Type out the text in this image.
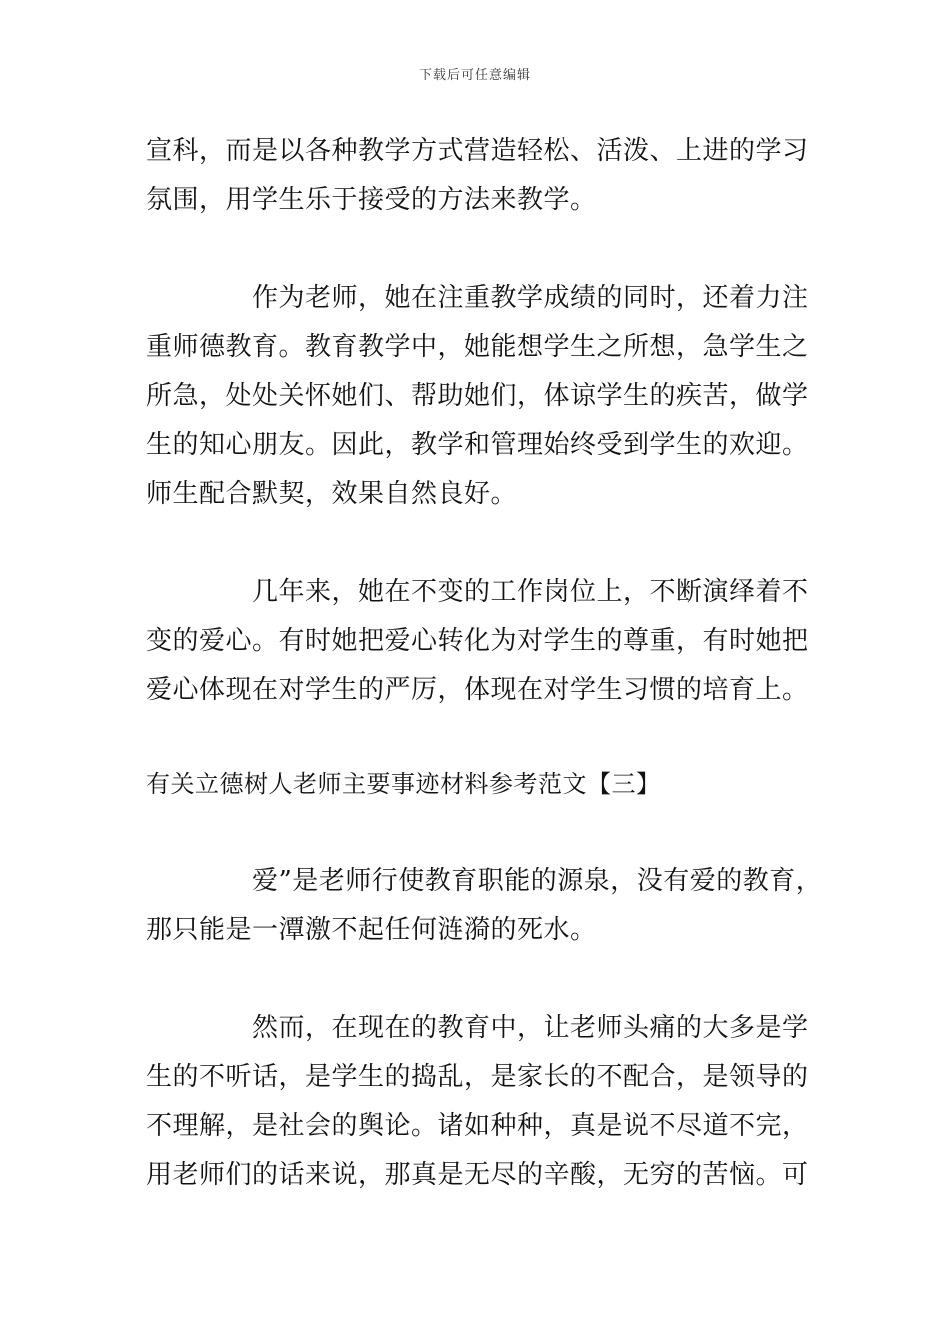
下载后可任意编辑
宣科，而是以各种教学方式营造轻松、活泼、上进的学习
氛围，用学生乐于接受的方法来教学。
作为老师，她在注重教学成绩的同时，还着力注
重师德教育。教育教学中，她能想学生之所想，急学生之
所急，处处关怀她们、帮助她们，体谅学生的疾苦，做学
生的知心朋友。因此，教学和管理始终受到学生的欢迎。
师生配合默契，效果自然良好。
几年来，她在不变的工作岗位上，不断演绎着不
变的爱心。有时她把爱心转化为对学生的尊重，有时她把
爱心体现在对学生的严厉，体现在对学生习惯的培育上。
有关立德树人老师主要事迹材料参考范文【三】
爱”是老师行使教育职能的源泉，没有爱的教育，
那只能是一潭激不起任何涟漪的死水。
然而，在现在的教育中，让老师头痛的大多是学
生的不听话，是学生的捣乱，是家长的不配合，是领导的
不理解，是社会的舆论。诸如种种，真是说不尽道不完，
用老师们的话来说，那真是无尽的辛酸，无穷的苦恼。可
